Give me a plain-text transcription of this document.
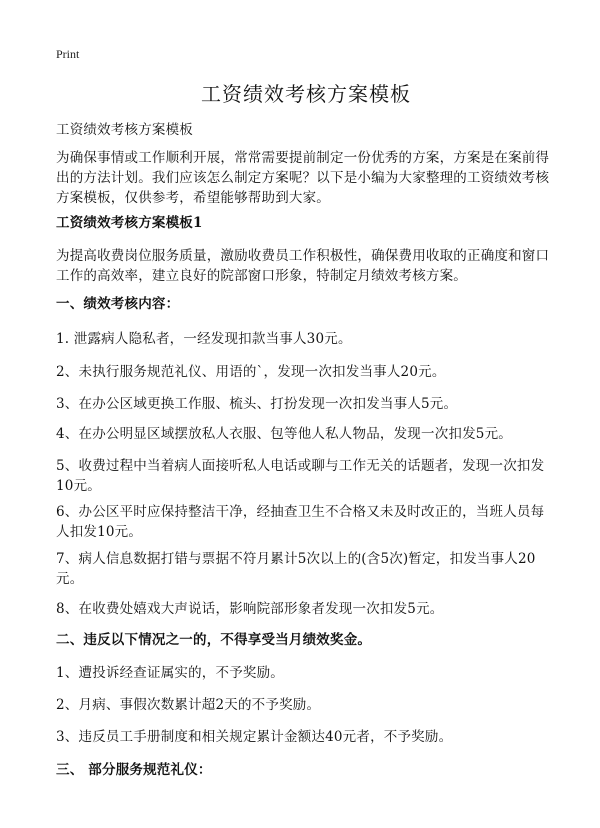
Print
工资绩效考核方案模板

工资绩效考核方案模板

为确保事情或工作顺利开展，常常需要提前制定一份优秀的方案，方案是在案前得出的方法计划。我们应该怎么制定方案呢？以下是小编为大家整理的工资绩效考核方案模板，仅供参考，希望能够帮助到大家。

工资绩效考核方案模板1

为提高收费岗位服务质量，激励收费员工作积极性，确保费用收取的正确度和窗口工作的高效率，建立良好的院部窗口形象，特制定月绩效考核方案。

一、绩效考核内容：

1. 泄露病人隐私者，一经发现扣款当事人30元。

2、未执行服务规范礼仪、用语的`，发现一次扣发当事人20元。

3、在办公区域更换工作服、梳头、打扮发现一次扣发当事人5元。

4、在办公明显区域摆放私人衣服、包等他人私人物品，发现一次扣发5元。

5、收费过程中当着病人面接听私人电话或聊与工作无关的话题者，发现一次扣发10元。

6、办公区平时应保持整洁干净，经抽查卫生不合格又未及时改正的，当班人员每人扣发10元。

7、病人信息数据打错与票据不符月累计5次以上的(含5次)暂定，扣发当事人20元。

8、在收费处嬉戏大声说话，影响院部形象者发现一次扣发5元。

二、违反以下情况之一的，不得享受当月绩效奖金。

1、遭投诉经查证属实的，不予奖励。

2、月病、事假次数累计超2天的不予奖励。

3、违反员工手册制度和相关规定累计金额达40元者，不予奖励。

三、 部分服务规范礼仪：
